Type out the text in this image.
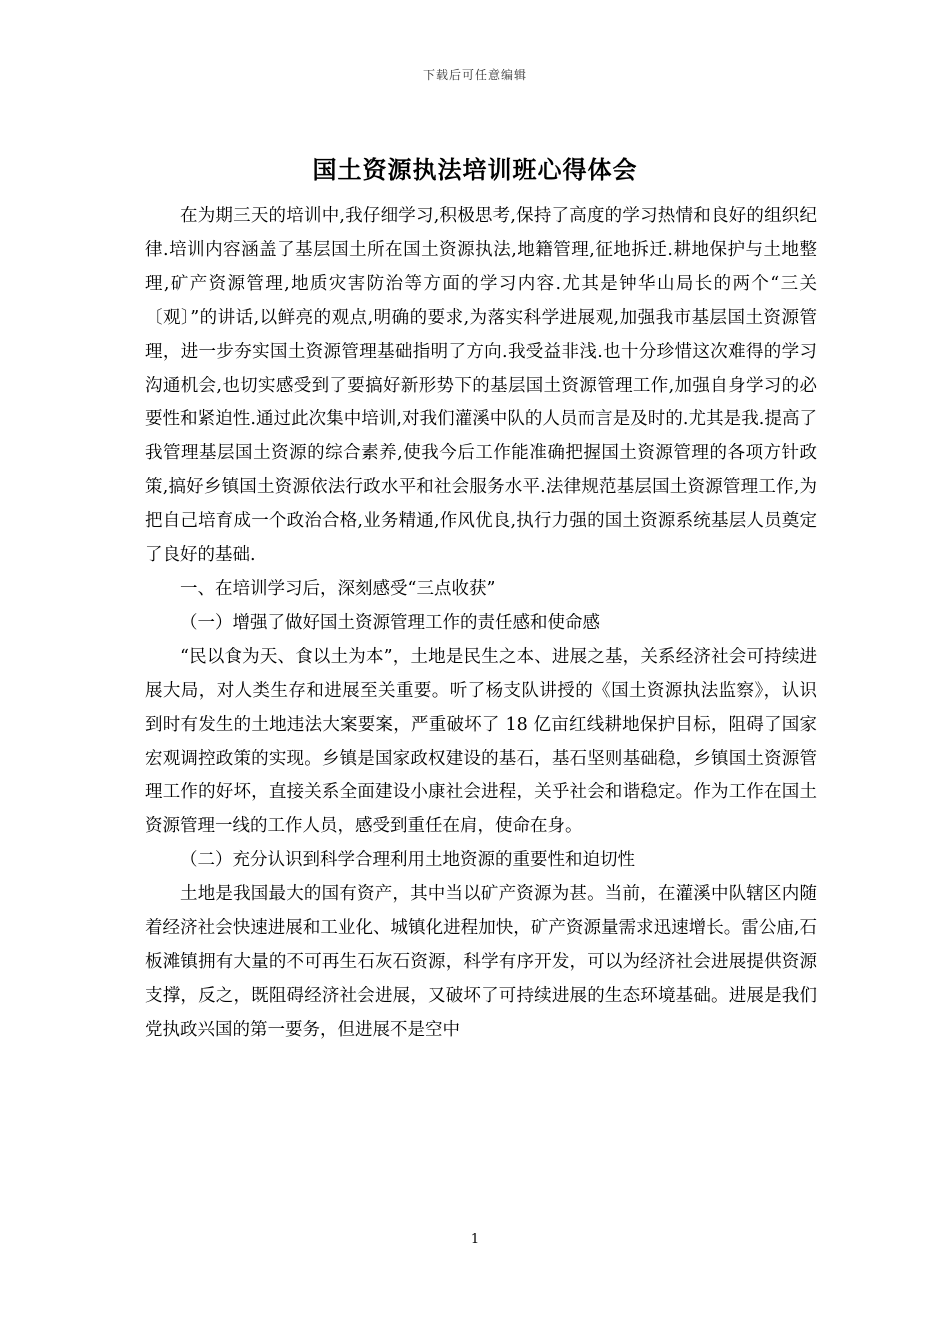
下载后可任意编辑
国土资源执法培训班心得体会

在为期三天的培训中,我仔细学习,积极思考,保持了高度的学习热情和良好的组织纪律.培训内容涵盖了基层国土所在国土资源执法,地籍管理,征地拆迁.耕地保护与土地整理,矿产资源管理,地质灾害防治等方面的学习内容.尤其是钟华山局长的两个“三关〔观〕”的讲话,以鲜亮的观点,明确的要求,为落实科学进展观,加强我市基层国土资源管理，进一步夯实国土资源管理基础指明了方向.我受益非浅.也十分珍惜这次难得的学习沟通机会,也切实感受到了要搞好新形势下的基层国土资源管理工作,加强自身学习的必要性和紧迫性.通过此次集中培训,对我们灌溪中队的人员而言是及时的.尤其是我.提高了我管理基层国土资源的综合素养,使我今后工作能准确把握国土资源管理的各项方针政策,搞好乡镇国土资源依法行政水平和社会服务水平.法律规范基层国土资源管理工作,为把自己培育成一个政治合格,业务精通,作风优良,执行力强的国土资源系统基层人员奠定了良好的基础.

一、在培训学习后，深刻感受“三点收获”

（一）增强了做好国土资源管理工作的责任感和使命感

“民以食为天、食以土为本”，土地是民生之本、进展之基，关系经济社会可持续进展大局，对人类生存和进展至关重要。听了杨支队讲授的《国土资源执法监察》，认识到时有发生的土地违法大案要案，严重破坏了 18 亿亩红线耕地保护目标，阻碍了国家宏观调控政策的实现。乡镇是国家政权建设的基石，基石坚则基础稳，乡镇国土资源管理工作的好坏，直接关系全面建设小康社会进程，关乎社会和谐稳定。作为工作在国土资源管理一线的工作人员，感受到重任在肩，使命在身。

（二）充分认识到科学合理利用土地资源的重要性和迫切性

土地是我国最大的国有资产，其中当以矿产资源为甚。当前，在灌溪中队辖区内随着经济社会快速进展和工业化、城镇化进程加快，矿产资源量需求迅速增长。雷公庙,石板滩镇拥有大量的不可再生石灰石资源，科学有序开发，可以为经济社会进展提供资源支撑，反之，既阻碍经济社会进展，又破坏了可持续进展的生态环境基础。进展是我们党执政兴国的第一要务，但进展不是空中

1
